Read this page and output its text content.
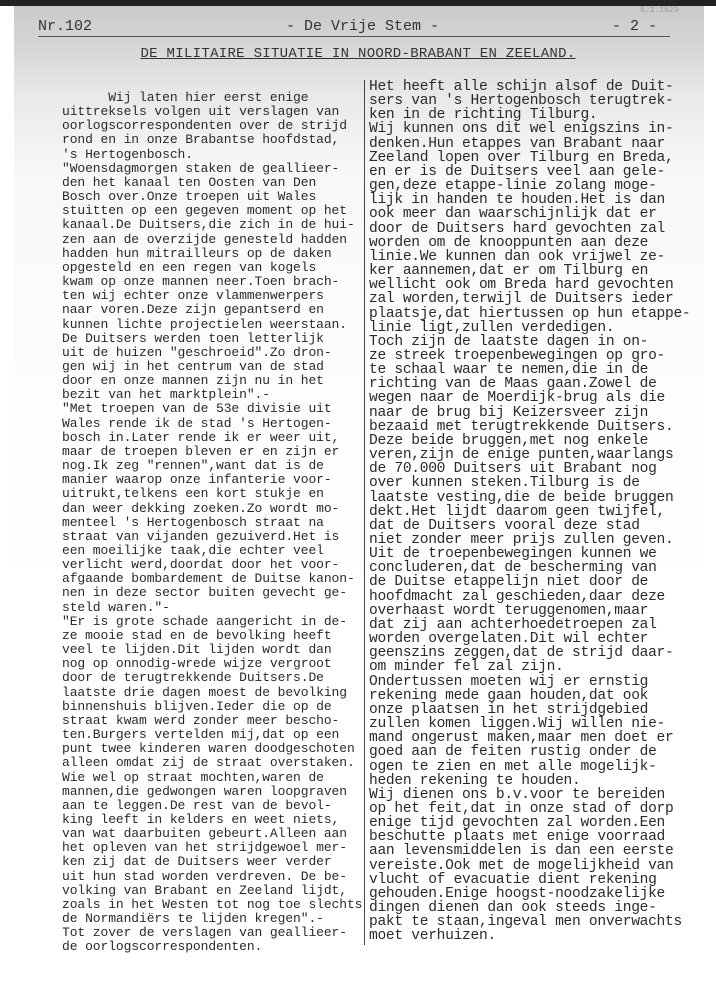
5.1.1523
Nr.102	- De Vrije Stem -	- 2 -
DE MILITAIRE SITUATIE IN NOORD-BRABANT EN ZEELAND.
Wij laten hier eerst enige
uittreksels volgen uit verslagen van
oorlogscorrespondenten over de strijd
rond en in onze Brabantse hoofdstad,
's Hertogenbosch.
"Woensdagmorgen staken de geallieer-
den het kanaal ten Oosten van Den
Bosch over.Onze troepen uit Wales
stuitten op een gegeven moment op het
kanaal.De Duitsers,die zich in de hui-
zen aan de overzijde genesteld hadden
hadden hun mitrailleurs op de daken
opgesteld en een regen van kogels
kwam op onze mannen neer.Toen brach-
ten wij echter onze vlammenwerpers
naar voren.Deze zijn gepantserd en
kunnen lichte projectielen weerstaan.
De Duitsers werden toen letterlijk
uit de huizen "geschroeid".Zo dron-
gen wij in het centrum van de stad
door en onze mannen zijn nu in het
bezit van het marktplein".-
"Met troepen van de 53e divisie uit
Wales rende ik de stad 's Hertogen-
bosch in.Later rende ik er weer uit,
maar de troepen bleven er en zijn er
nog.Ik zeg "rennen",want dat is de
manier waarop onze infanterie voor-
uitrukt,telkens een kort stukje en
dan weer dekking zoeken.Zo wordt mo-
menteel 's Hertogenbosch straat na
straat van vijanden gezuiverd.Het is
een moeilijke taak,die echter veel
verlicht werd,doordat door het voor-
afgaande bombardement de Duitse kanon-
nen in deze sector buiten gevecht ge-
steld waren."-
"Er is grote schade aangericht in de-
ze mooie stad en de bevolking heeft
veel te lijden.Dit lijden wordt dan
nog op onnodig-wrede wijze vergroot
door de terugtrekkende Duitsers.De
laatste drie dagen moest de bevolking
binnenshuis blijven.Ieder die op de
straat kwam werd zonder meer bescho-
ten.Burgers vertelden mij,dat op een
punt twee kinderen waren doodgeschoten
alleen omdat zij de straat overstaken.
Wie wel op straat mochten,waren de
mannen,die gedwongen waren loopgraven
aan te leggen.De rest van de bevol-
king leeft in kelders en weet niets,
van wat daarbuiten gebeurt.Alleen aan
het opleven van het strijdgewoel mer-
ken zij dat de Duitsers weer verder
uit hun stad worden verdreven. De be-
volking van Brabant en Zeeland lijdt,
zoals in het Westen tot nog toe slechts
de Normandiërs te lijden kregen".-
Tot zover de verslagen van geallieer-
de oorlogscorrespondenten.
Het heeft alle schijn alsof de Duit-
sers van 's Hertogenbosch terugtrek-
ken in de richting Tilburg.
Wij kunnen ons dit wel enigszins in-
denken.Hun etappes van Brabant naar
Zeeland lopen over Tilburg en Breda,
en er is de Duitsers veel aan gele-
gen,deze etappe-linie zolang moge-
lijk in handen te houden.Het is dan
ook meer dan waarschijnlijk dat er
door de Duitsers hard gevochten zal
worden om de knooppunten aan deze
linie.We kunnen dan ook vrijwel ze-
ker aannemen,dat er om Tilburg en
wellicht ook om Breda hard gevochten
zal worden,terwijl de Duitsers ieder
plaatsje,dat hiertussen op hun etappe-
linie ligt,zullen verdedigen.
Toch zijn de laatste dagen in on-
ze streek troepenbewegingen op gro-
te schaal waar te nemen,die in de
richting van de Maas gaan.Zowel de
wegen naar de Moerdijk-brug als die
naar de brug bij Keizersveer zijn
bezaaid met terugtrekkende Duitsers.
Deze beide bruggen,met nog enkele
veren,zijn de enige punten,waarlangs
de 70.000 Duitsers uit Brabant nog
over kunnen steken.Tilburg is de
laatste vesting,die de beide bruggen
dekt.Het lijdt daarom geen twijfel,
dat de Duitsers vooral deze stad
niet zonder meer prijs zullen geven.
Uit de troepenbewegingen kunnen we
concluderen,dat de bescherming van
de Duitse etappelijn niet door de
hoofdmacht zal geschieden,daar deze
overhaast wordt teruggenomen,maar
dat zij aan achterhoedetroepen zal
worden overgelaten.Dit wil echter
geenszins zeggen,dat de strijd daar-
om minder fel zal zijn.
Ondertussen moeten wij er ernstig
rekening mede gaan houden,dat ook
onze plaatsen in het strijdgebied
zullen komen liggen.Wij willen nie-
mand ongerust maken,maar men doet er
goed aan de feiten rustig onder de
ogen te zien en met alle mogelijk-
heden rekening te houden.
Wij dienen ons b.v.voor te bereiden
op het feit,dat in onze stad of dorp
enige tijd gevochten zal worden.Een
beschutte plaats met enige voorraad
aan levensmiddelen is dan een eerste
vereiste.Ook met de mogelijkheid van
vlucht of evacuatie dient rekening
gehouden.Enige hoogst-noodzakelijke
dingen dienen dan ook steeds inge-
pakt te staan,ingeval men onverwachts
moet verhuizen.
